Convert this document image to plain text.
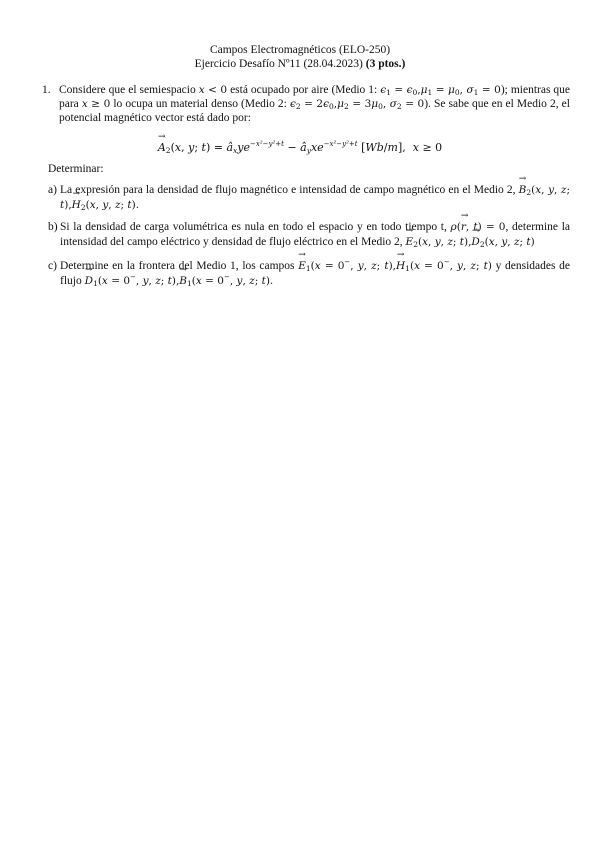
Campos Electromagnéticos (ELO-250)
Ejercicio Desafío Nº11 (28.04.2023) (3 ptos.)
1. Considere que el semiespacio x < 0 está ocupado por aire (Medio 1: $\epsilon_1 = \epsilon_0,\mu_1 = \mu_0$, $\sigma_1 = 0$); mientras que para x ≥ 0 lo ocupa un material denso (Medio 2: $\epsilon_2 = 2\epsilon_0,\mu_2 = 3\mu_0$, $\sigma_2 = 0$). Se sabe que en el Medio 2, el potencial magnético vector está dado por:
→ $A_2(x$, y; $t) = â_xye^{-x^2-y^2+t}$ − $â_yxe^{-x^2-y^2+t}$ [Wb/m],  x ≥ 0
Determinar:
a) La expresión para la densidad de flujo magnético e intensidad de campo magnético en el Medio 2, → $B_2(x$, y, z; $t),\to H_2(x$, y, z; t).
b) Si la densidad de carga volumétrica es nula en todo el espacio y en todo tiempo t, ρ(→ r, t) = 0, determine la intensidad del campo eléctrico y densidad de flujo eléctrico en el Medio 2, → $E_2(x$, y, z; $t),\to D_2(x$, y, z; t)
c) Determine en la frontera del Medio 1, los campos → $E_1(x = 0^-$, y, z; $t),\to H_1(x = 0^-$, y, z; t) y densidades de flujo → $D_1(x = 0^-$, y, z; $t),\to B_1(x = 0^-$, y, z; t).
